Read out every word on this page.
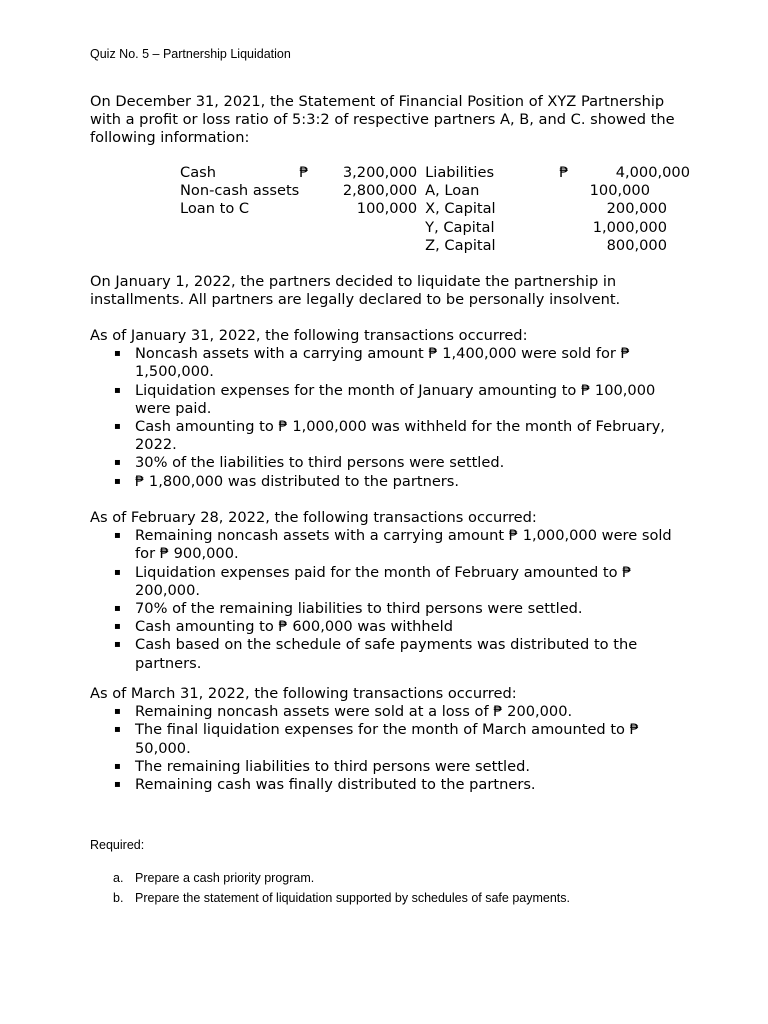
Quiz No. 5 – Partnership Liquidation

On December 31, 2021, the Statement of Financial Position of XYZ Partnership with a profit or loss ratio of 5:3:2 of respective partners A, B, and C. showed the following information:

Cash	₱	3,200,000	Liabilities	₱	4,000,000
Non-cash assets		2,800,000	A, Loan		100,000
Loan to C		100,000	X, Capital		200,000
			Y, Capital		1,000,000
			Z, Capital		800,000

On January 1, 2022, the partners decided to liquidate the partnership in installments. All partners are legally declared to be personally insolvent.

As of January 31, 2022, the following transactions occurred:

▪ Noncash assets with a carrying amount ₱ 1,400,000 were sold for ₱ 1,500,000.
▪ Liquidation expenses for the month of January amounting to ₱ 100,000 were paid.
▪ Cash amounting to ₱ 1,000,000 was withheld for the month of February, 2022.
▪ 30% of the liabilities to third persons were settled.
▪ ₱ 1,800,000 was distributed to the partners.

As of February 28, 2022, the following transactions occurred:

▪ Remaining noncash assets with a carrying amount ₱ 1,000,000 were sold for ₱ 900,000.
▪ Liquidation expenses paid for the month of February amounted to ₱ 200,000.
▪ 70% of the remaining liabilities to third persons were settled.
▪ Cash amounting to ₱ 600,000 was withheld
▪ Cash based on the schedule of safe payments was distributed to the partners.

As of March 31, 2022, the following transactions occurred:

▪ Remaining noncash assets were sold at a loss of ₱ 200,000.
▪ The final liquidation expenses for the month of March amounted to ₱ 50,000.
▪ The remaining liabilities to third persons were settled.
▪ Remaining cash was finally distributed to the partners.
Required:
a. Prepare a cash priority program.
b. Prepare the statement of liquidation supported by schedules of safe payments.
